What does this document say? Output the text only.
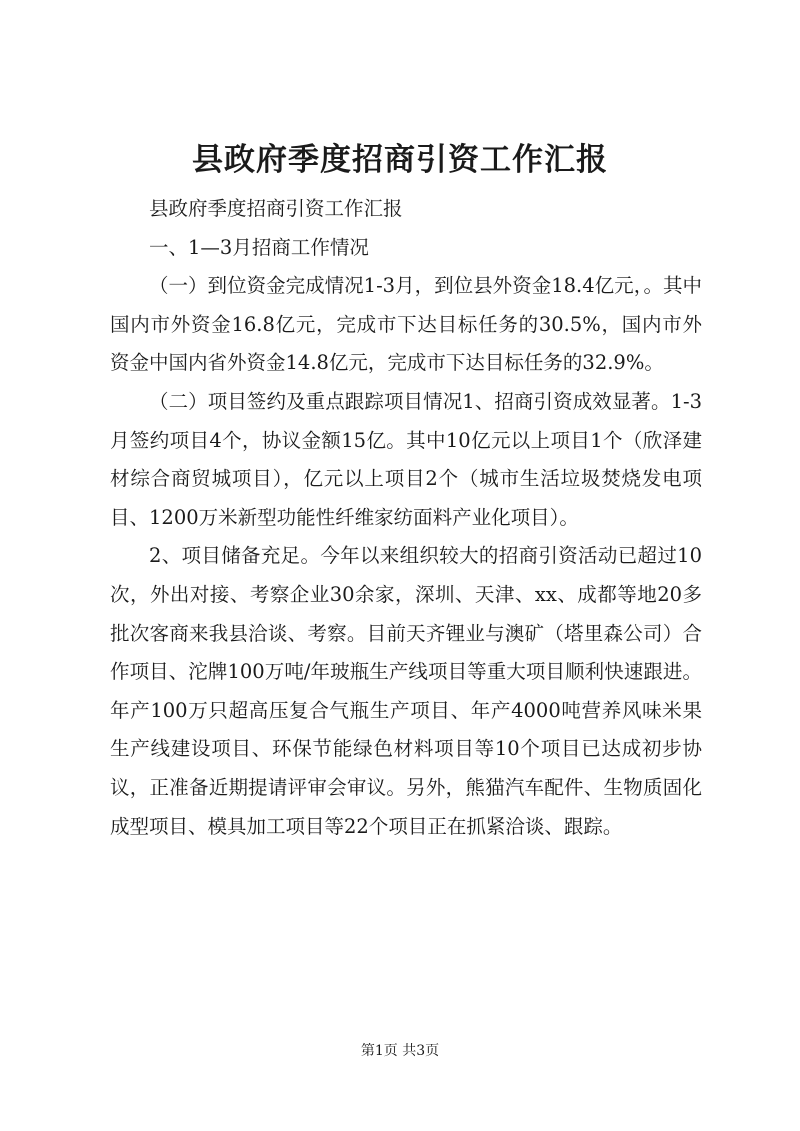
县政府季度招商引资工作汇报

县政府季度招商引资工作汇报

一、1—3月招商工作情况

（一）到位资金完成情况1-3月，到位县外资金18.4亿元，。其中国内市外资金16.8亿元，完成市下达目标任务的30.5%，国内市外资金中国内省外资金14.8亿元，完成市下达目标任务的32.9%。

（二）项目签约及重点跟踪项目情况1、招商引资成效显著。1-3月签约项目4个，协议金额15亿。其中10亿元以上项目1个（欣泽建材综合商贸城项目），亿元以上项目2个（城市生活垃圾焚烧发电项目、1200万米新型功能性纤维家纺面料产业化项目）。

2、项目储备充足。今年以来组织较大的招商引资活动已超过10次，外出对接、考察企业30余家，深圳、天津、xx、成都等地20多批次客商来我县洽谈、考察。目前天齐锂业与澳矿（塔里森公司）合作项目、沱牌100万吨/年玻瓶生产线项目等重大项目顺利快速跟进。年产100万只超高压复合气瓶生产项目、年产4000吨营养风味米果生产线建设项目、环保节能绿色材料项目等10个项目已达成初步协议，正准备近期提请评审会审议。另外，熊猫汽车配件、生物质固化成型项目、模具加工项目等22个项目正在抓紧洽谈、跟踪。

第1页 共3页
